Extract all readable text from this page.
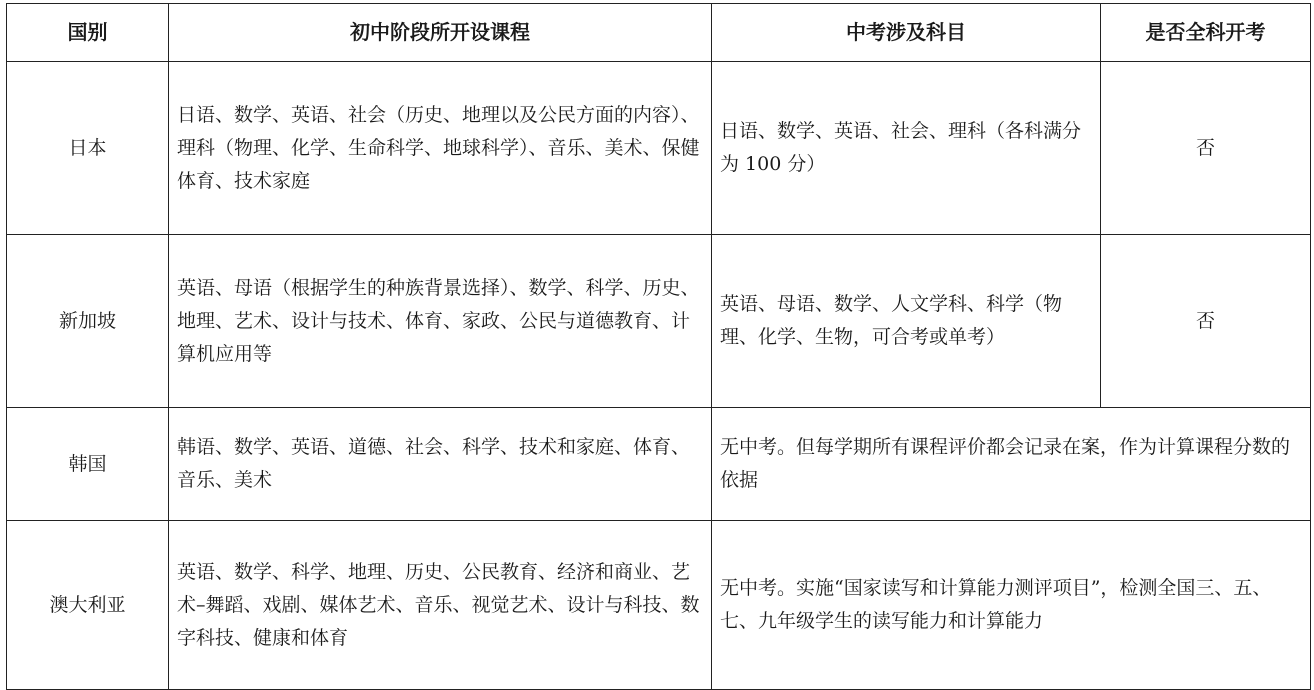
国别	初中阶段所开设课程	中考涉及科目	是否全科开考
日本	日语、数学、英语、社会（历史、地理以及公民方面的内容）、理科（物理、化学、生命科学、地球科学）、音乐、美术、保健体育、技术家庭	日语、数学、英语、社会、理科（各科满分为 100 分）	否
新加坡	英语、母语（根据学生的种族背景选择）、数学、科学、历史、地理、艺术、设计与技术、体育、家政、公民与道德教育、计算机应用等	英语、母语、数学、人文学科、科学（物理、化学、生物，可合考或单考）	否
韩国	韩语、数学、英语、道德、社会、科学、技术和家庭、体育、音乐、美术	无中考。但每学期所有课程评价都会记录在案，作为计算课程分数的依据	
澳大利亚	英语、数学、科学、地理、历史、公民教育、经济和商业、艺术–舞蹈、戏剧、媒体艺术、音乐、视觉艺术、设计与科技、数字科技、健康和体育	无中考。实施“国家读写和计算能力测评项目”，检测全国三、五、七、九年级学生的读写能力和计算能力	
